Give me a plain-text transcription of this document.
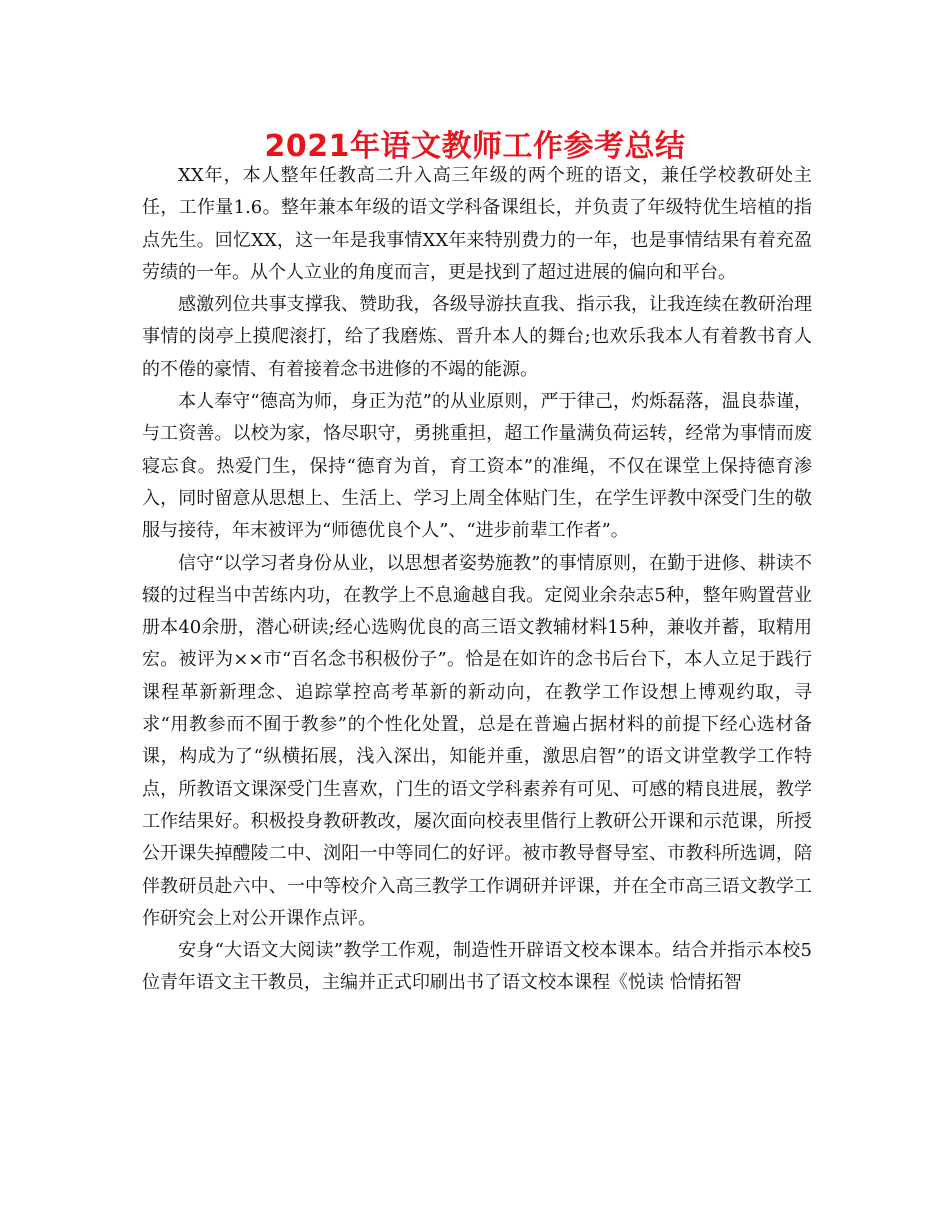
2021年语文教师工作参考总结

XX年，本人整年任教高二升入高三年级的两个班的语文，兼任学校教研处主任，工作量1.6。整年兼本年级的语文学科备课组长，并负责了年级特优生培植的指点先生。回忆XX，这一年是我事情XX年来特别费力的一年，也是事情结果有着充盈劳绩的一年。从个人立业的角度而言，更是找到了超过进展的偏向和平台。

感激列位共事支撑我、赞助我，各级导游扶直我、指示我，让我连续在教研治理事情的岗亭上摸爬滚打，给了我磨炼、晋升本人的舞台;也欢乐我本人有着教书育人的不倦的豪情、有着接着念书进修的不竭的能源。

本人奉守“德高为师，身正为范”的从业原则，严于律己，灼烁磊落，温良恭谨，与工资善。以校为家，恪尽职守，勇挑重担，超工作量满负荷运转，经常为事情而废寝忘食。热爱门生，保持“德育为首，育工资本”的准绳，不仅在课堂上保持德育渗入，同时留意从思想上、生活上、学习上周全体贴门生，在学生评教中深受门生的敬服与接待，年末被评为“师德优良个人”、“进步前辈工作者”。

信守“以学习者身份从业，以思想者姿势施教”的事情原则，在勤于进修、耕读不辍的过程当中苦练内功，在教学上不息逾越自我。定阅业余杂志5种，整年购置营业册本40余册，潜心研读;经心选购优良的高三语文教辅材料15种，兼收并蓄，取精用宏。被评为××市“百名念书积极份子”。恰是在如许的念书后台下，本人立足于践行课程革新新理念、追踪掌控高考革新的新动向，在教学工作设想上博观约取，寻求“用教参而不囿于教参”的个性化处置，总是在普遍占据材料的前提下经心选材备课，构成为了“纵横拓展，浅入深出，知能并重，激思启智”的语文讲堂教学工作特点，所教语文课深受门生喜欢，门生的语文学科素养有可见、可感的精良进展，教学工作结果好。积极投身教研教改，屡次面向校表里偕行上教研公开课和示范课，所授公开课失掉醴陵二中、浏阳一中等同仁的好评。被市教导督导室、市教科所选调，陪伴教研员赴六中、一中等校介入高三教学工作调研并评课，并在全市高三语文教学工作研究会上对公开课作点评。

安身“大语文大阅读”教学工作观，制造性开辟语文校本课本。结合并指示本校5位青年语文主干教员，主编并正式印刷出书了语文校本课程《悦读 恰情拓智
